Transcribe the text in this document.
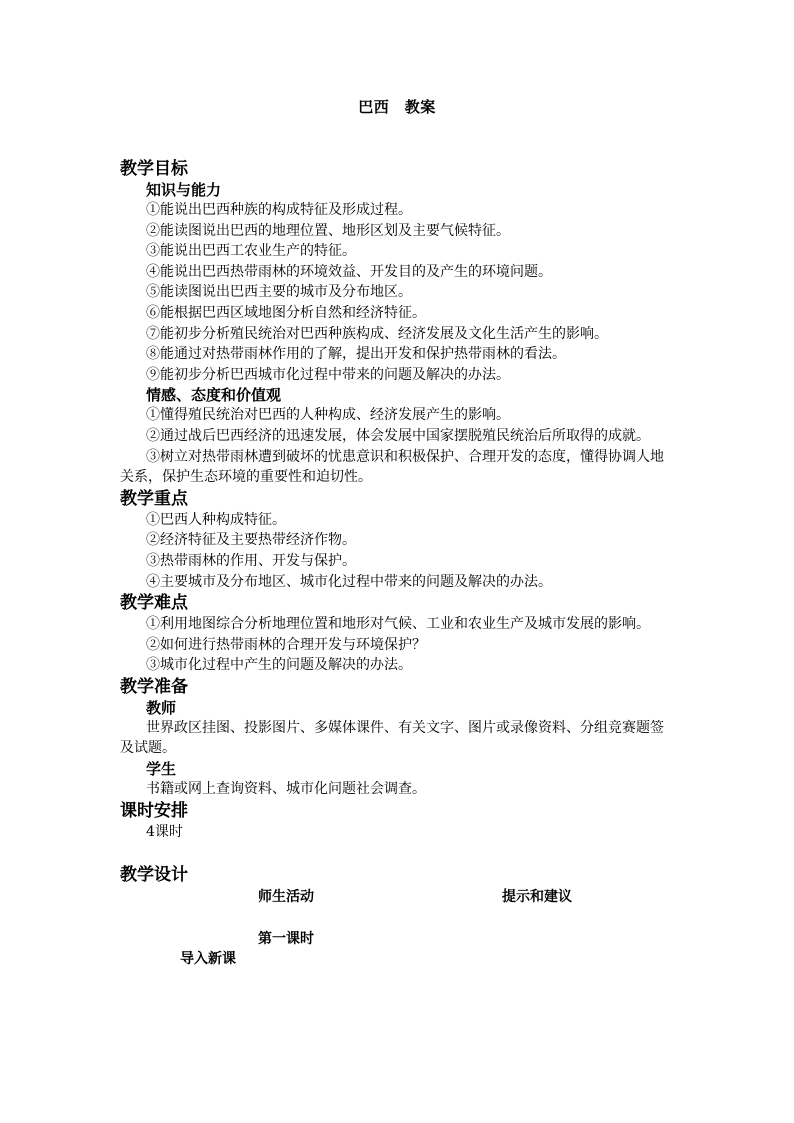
巴西　教案
教学目标
知识与能力
①能说出巴西种族的构成特征及形成过程。
②能读图说出巴西的地理位置、地形区划及主要气候特征。
③能说出巴西工农业生产的特征。
④能说出巴西热带雨林的环境效益、开发目的及产生的环境问题。
⑤能读图说出巴西主要的城市及分布地区。
⑥能根据巴西区域地图分析自然和经济特征。
⑦能初步分析殖民统治对巴西种族构成、经济发展及文化生活产生的影响。
⑧能通过对热带雨林作用的了解，提出开发和保护热带雨林的看法。
⑨能初步分析巴西城市化过程中带来的问题及解决的办法。
情感、态度和价值观
①懂得殖民统治对巴西的人种构成、经济发展产生的影响。
②通过战后巴西经济的迅速发展，体会发展中国家摆脱殖民统治后所取得的成就。
③树立对热带雨林遭到破坏的忧患意识和积极保护、合理开发的态度，懂得协调人地关系，保护生态环境的重要性和迫切性。
教学重点
①巴西人种构成特征。
②经济特征及主要热带经济作物。
③热带雨林的作用、开发与保护。
④主要城市及分布地区、城市化过程中带来的问题及解决的办法。
教学难点
①利用地图综合分析地理位置和地形对气候、工业和农业生产及城市发展的影响。
②如何进行热带雨林的合理开发与环境保护？
③城市化过程中产生的问题及解决的办法。
教学准备
教师
世界政区挂图、投影图片、多媒体课件、有关文字、图片或录像资料、分组竞赛题签及试题。
学生
书籍或网上查询资料、城市化问题社会调查。
课时安排
4课时
教学设计
师生活动	提示和建议
第一课时
导入新课
